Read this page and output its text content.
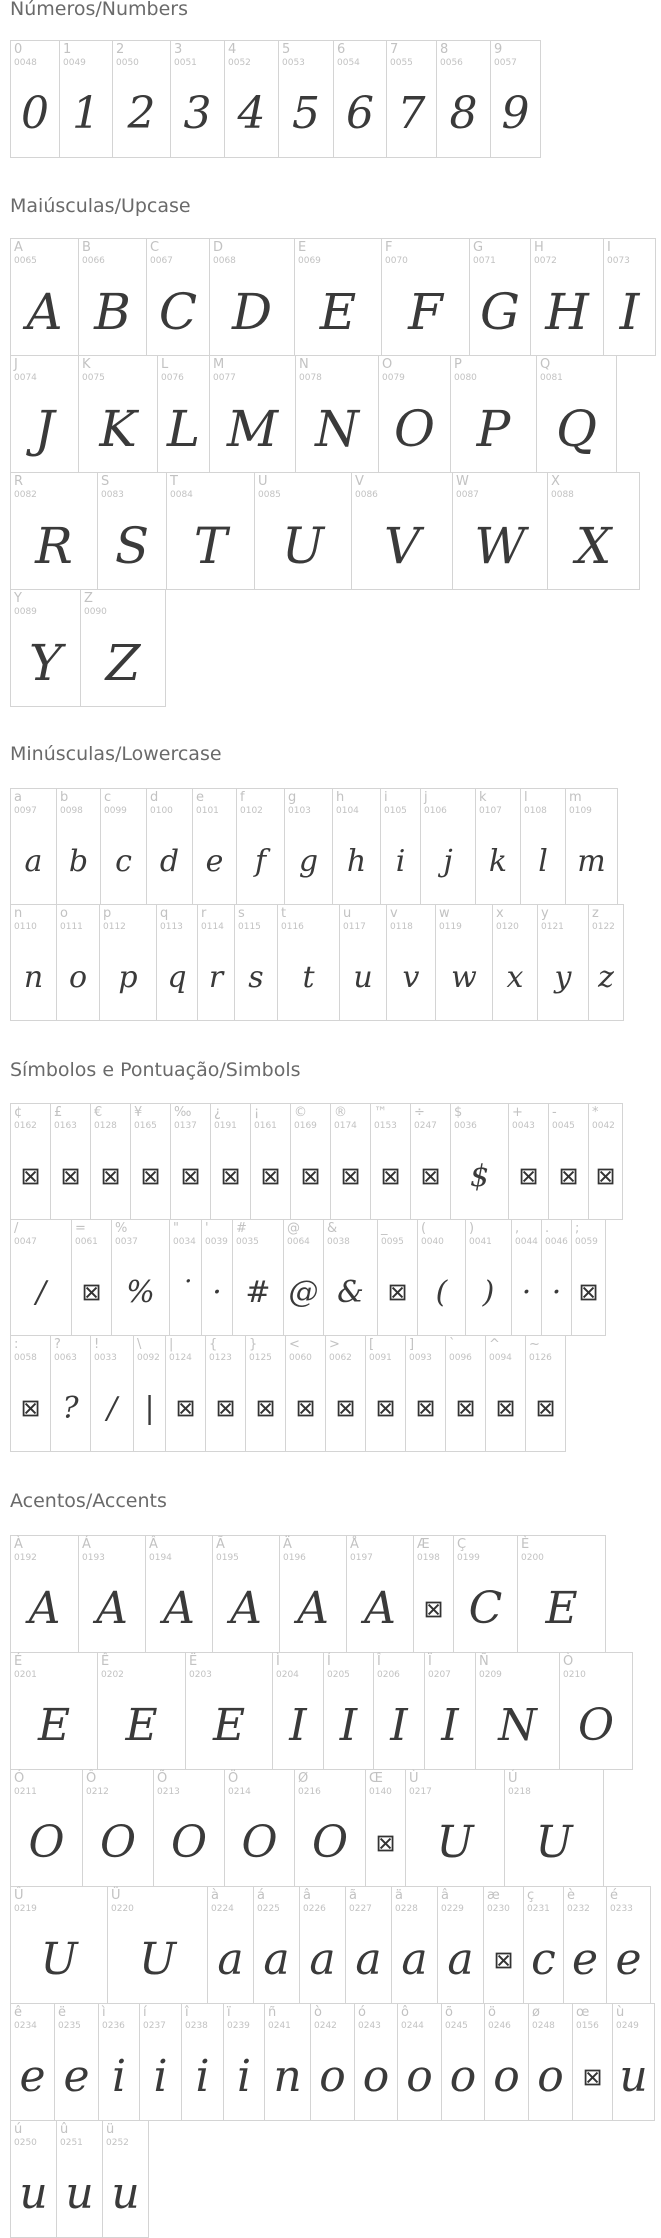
Números/Numbers
0
0048
0
1
0049
1
2
0050
2
3
0051
3
4
0052
4
5
0053
5
6
0054
6
7
0055
7
8
0056
8
9
0057
9
Maiúsculas/Upcase
A
0065
A
B
0066
B
C
0067
C
D
0068
D
E
0069
E
F
0070
F
G
0071
G
H
0072
H
I
0073
I
J
0074
J
K
0075
K
L
0076
L
M
0077
M
N
0078
N
O
0079
O
P
0080
P
Q
0081
Q
R
0082
R
S
0083
S
T
0084
T
U
0085
U
V
0086
V
W
0087
W
X
0088
X
Y
0089
Y
Z
0090
Z
Minúsculas/Lowercase
a
0097
a
b
0098
b
c
0099
c
d
0100
d
e
0101
e
f
0102
f
g
0103
g
h
0104
h
i
0105
i
j
0106
j
k
0107
k
l
0108
l
m
0109
m
n
0110
n
o
0111
o
p
0112
p
q
0113
q
r
0114
r
s
0115
s
t
0116
t
u
0117
u
v
0118
v
w
0119
w
x
0120
x
y
0121
y
z
0122
z
Símbolos e Pontuação/Simbols
¢
0162
⊠
£
0163
⊠
€
0128
⊠
¥
0165
⊠
‰
0137
⊠
¿
0191
⊠
¡
0161
⊠
©
0169
⊠
®
0174
⊠
™
0153
⊠
÷
0247
⊠
$
0036
$
+
0043
⊠
-
0045
⊠
*
0042
⊠
/
0047
/
=
0061
⊠
%
0037
%
"
0034
˙
'
0039
·
#
0035
#
@
0064
@
&
0038
&
_
0095
⊠
(
0040
(
)
0041
)
,
0044
·
.
0046
·
;
0059
⊠
:
0058
⊠
?
0063
?
!
0033
/
\
0092
|
|
0124
⊠
{
0123
⊠
}
0125
⊠
<
0060
⊠
>
0062
⊠
[
0091
⊠
]
0093
⊠
`
0096
⊠
^
0094
⊠
~
0126
⊠
Acentos/Accents
À
0192
A
Á
0193
A
Â
0194
A
Ã
0195
A
Ä
0196
A
Å
0197
A
Æ
0198
⊠
Ç
0199
C
È
0200
E
É
0201
E
Ê
0202
E
Ë
0203
E
Ì
0204
I
Í
0205
I
Î
0206
I
Ï
0207
I
Ñ
0209
N
Ò
0210
O
Ó
0211
O
Ô
0212
O
Õ
0213
O
Ö
0214
O
Ø
0216
O
Œ
0140
⊠
Ù
0217
U
Ú
0218
U
Û
0219
U
Ü
0220
U
à
0224
a
á
0225
a
â
0226
a
ã
0227
a
ä
0228
a
â
0229
a
æ
0230
⊠
ç
0231
c
è
0232
e
é
0233
e
ê
0234
e
ë
0235
e
ì
0236
i
í
0237
i
î
0238
i
ï
0239
i
ñ
0241
n
ò
0242
o
ó
0243
o
ô
0244
o
õ
0245
o
ö
0246
o
ø
0248
o
œ
0156
⊠
ù
0249
u
ú
0250
u
û
0251
u
ü
0252
u
